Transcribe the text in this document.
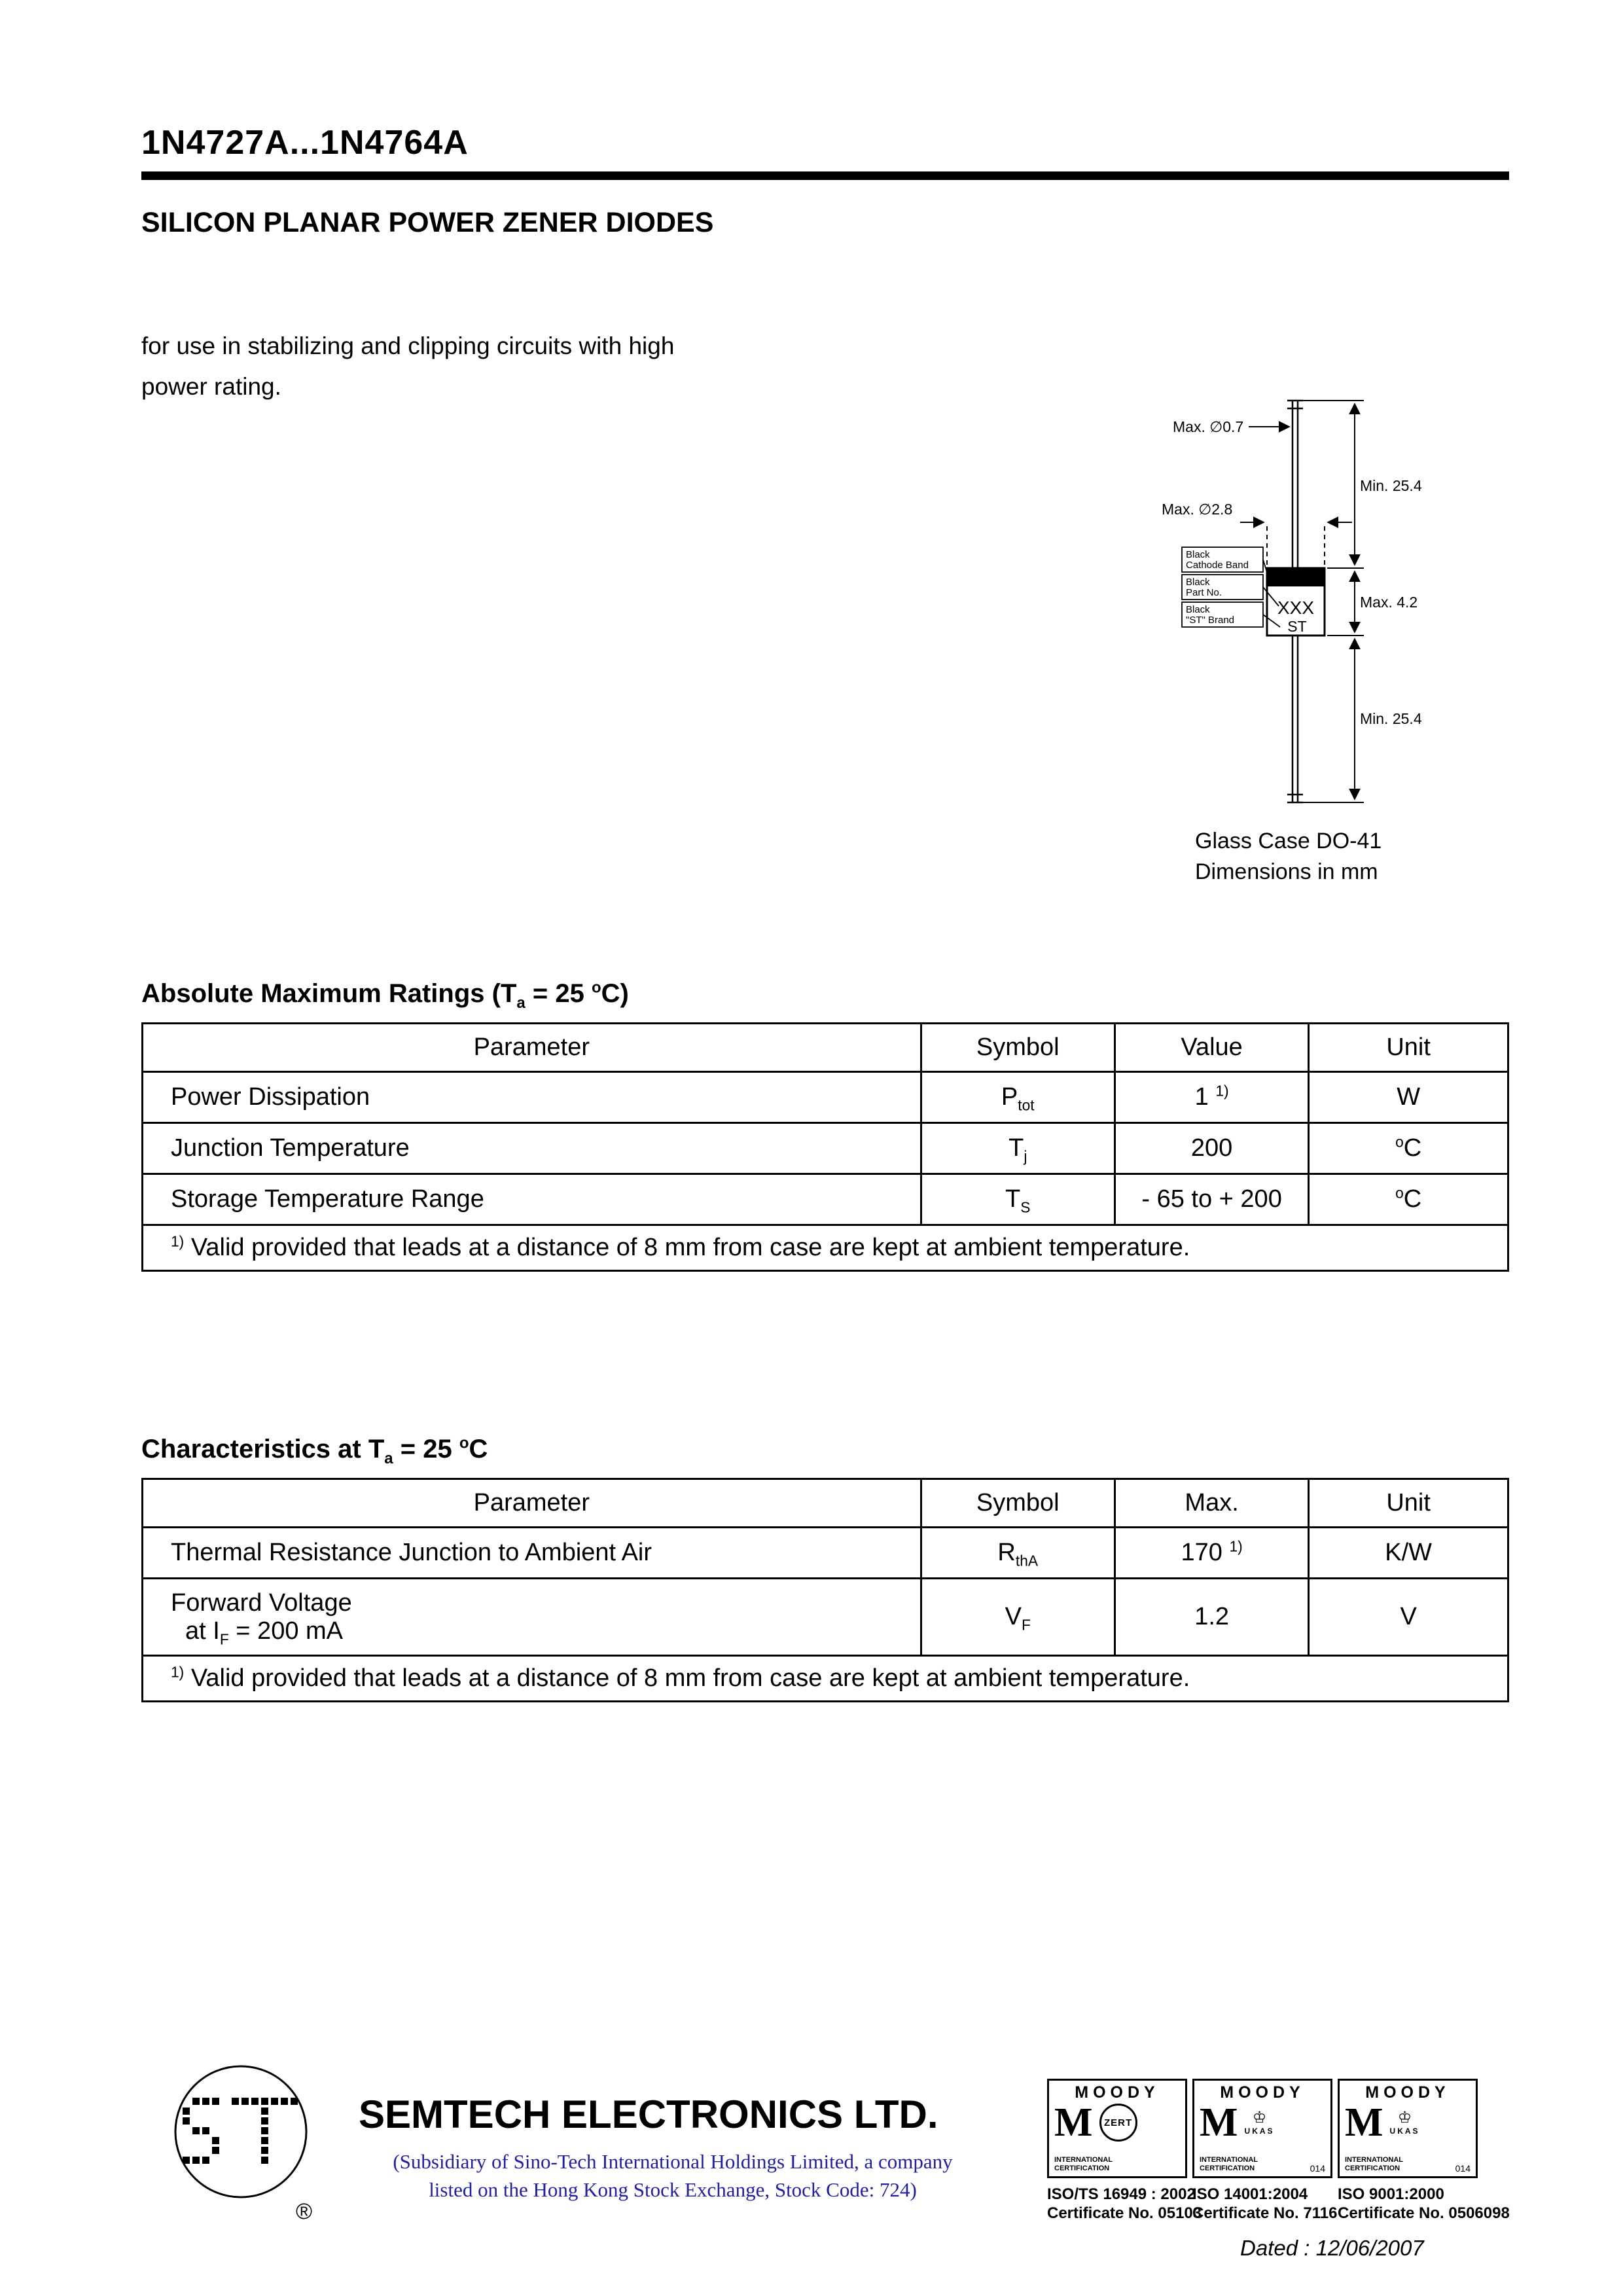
1N4727A...1N4764A
SILICON PLANAR POWER ZENER DIODES
for use in stabilizing and clipping circuits with high
power rating.
Max. ∅0.7
Min. 25.4
Max. ∅2.8
Max. 4.2
Min. 25.4
Black
Cathode Band
Black
Part No.
Black
"ST" Brand
XXX
ST
Glass Case DO-41
Dimensions in mm
Absolute Maximum Ratings ($T_a = 25$ $^o$C)
Parameter	Symbol	Value	Unit
Power Dissipation	$P_{tot}$	1 $^{1)}$	W
Junction Temperature	$T_j$	200	$^o$C
Storage Temperature Range	$T_S$	- 65 to + 200	$^o$C
$^{1)}$ Valid provided that leads at a distance of 8 mm from case are kept at ambient temperature.			
Characteristics at $T_a = 25$ $^o$C
Parameter	Symbol	Max.	Unit
Thermal Resistance Junction to Ambient Air	$R_{thA}$	170 $^{1)}$	K/W

Forward Voltage
at $I_F = 200$ mA	$V_F$	1.2	V
$^{1)}$ Valid provided that leads at a distance of 8 mm from case are kept at ambient temperature.			
®
SEMTECH ELECTRONICS LTD.
(Subsidiary of Sino-Tech International Holdings Limited, a company
listed on the Hong Kong Stock Exchange, Stock Code: 724)
MOODY
M	ZERT
INTERNATIONAL CERTIFICATION
ISO/TS 16949 : 2002
Certificate No. 05103
MOODY
M ♔
UKAS
INTERNATIONAL CERTIFICATION	014
ISO 14001:2004
Certificate No. 7116
MOODY
M ♔
UKAS
INTERNATIONAL CERTIFICATION	014
ISO 9001:2000
Certificate No. 0506098
Dated : 12/06/2007
